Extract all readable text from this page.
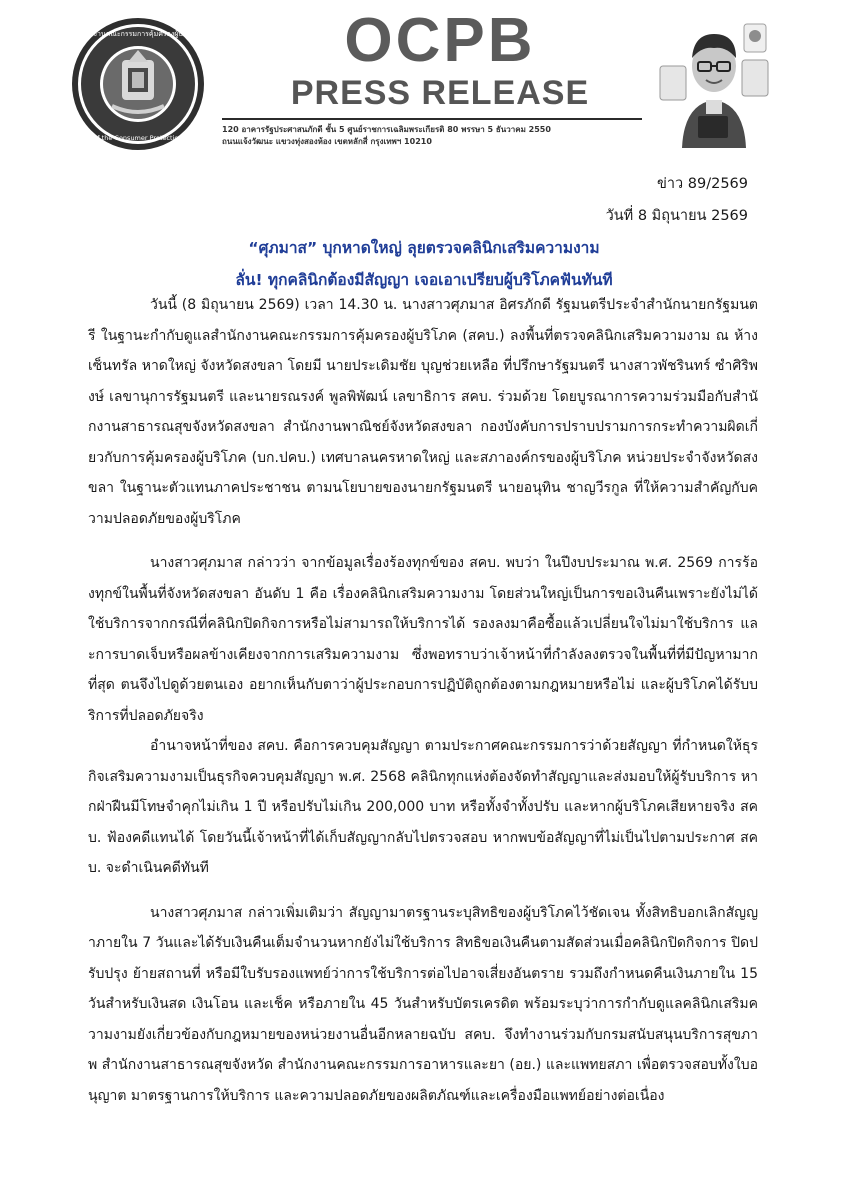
สำนักงานคณะกรรมการคุ้มครองผู้บริโภค
Office of the Consumer Protection Board
OCPB
PRESS RELEASE
120 อาคารรัฐประศาสนภักดี ชั้น 5 ศูนย์ราชการเฉลิมพระเกียรติ 80 พรรษา 5 ธันวาคม 2550
ถนนแจ้งวัฒนะ แขวงทุ่งสองห้อง เขตหลักสี่ กรุงเทพฯ 10210
ข่าว 89/2569
วันที่ 8 มิถุนายน 2569
“ศุภมาส” บุกหาดใหญ่ ลุยตรวจคลินิกเสริมความงาม
ลั่น! ทุกคลินิกต้องมีสัญญา เจอเอาเปรียบผู้บริโภคฟันทันที

วันนี้ (8 มิถุนายน 2569) เวลา 14.30 น. นางสาวศุภมาส อิศรภักดี รัฐมนตรีประจำสำนักนายกรัฐมนตรี ในฐานะกำกับดูแลสำนักงานคณะกรรมการคุ้มครองผู้บริโภค (สคบ.) ลงพื้นที่ตรวจคลินิกเสริมความงาม ณ ห้างเซ็นทรัล หาดใหญ่ จังหวัดสงขลา โดยมี นายประเดิมชัย บุญช่วยเหลือ ที่ปรึกษารัฐมนตรี นางสาวพัชรินทร์ ซำศิริพงษ์ เลขานุการรัฐมนตรี และนายรณรงค์ พูลพิพัฒน์ เลขาธิการ สคบ. ร่วมด้วย โดยบูรณาการความร่วมมือกับสำนักงานสาธารณสุขจังหวัดสงขลา สำนักงานพาณิชย์จังหวัดสงขลา กองบังคับการปราบปรามการกระทำความผิดเกี่ยวกับการคุ้มครองผู้บริโภค (บก.ปคบ.) เทศบาลนครหาดใหญ่ และสภาองค์กรของผู้บริโภค หน่วยประจำจังหวัดสงขลา ในฐานะตัวแทนภาคประชาชน ตามนโยบายของนายกรัฐมนตรี นายอนุทิน ชาญวีรกูล ที่ให้ความสำคัญกับความปลอดภัยของผู้บริโภค

นางสาวศุภมาส กล่าวว่า จากข้อมูลเรื่องร้องทุกข์ของ สคบ. พบว่า ในปีงบประมาณ พ.ศ. 2569 การร้องทุกข์ในพื้นที่จังหวัดสงขลา อันดับ 1 คือ เรื่องคลินิกเสริมความงาม โดยส่วนใหญ่เป็นการขอเงินคืนเพราะยังไม่ได้ใช้บริการจากกรณีที่คลินิกปิดกิจการหรือไม่สามารถให้บริการได้ รองลงมาคือซื้อแล้วเปลี่ยนใจไม่มาใช้บริการ และการบาดเจ็บหรือผลข้างเคียงจากการเสริมความงาม ซึ่งพอทราบว่าเจ้าหน้าที่กำลังลงตรวจในพื้นที่ที่มีปัญหามากที่สุด ตนจึงไปดูด้วยตนเอง อยากเห็นกับตาว่าผู้ประกอบการปฏิบัติถูกต้องตามกฎหมายหรือไม่ และผู้บริโภคได้รับบริการที่ปลอดภัยจริง

อำนาจหน้าที่ของ สคบ. คือการควบคุมสัญญา ตามประกาศคณะกรรมการว่าด้วยสัญญา ที่กำหนดให้ธุรกิจเสริมความงามเป็นธุรกิจควบคุมสัญญา พ.ศ. 2568 คลินิกทุกแห่งต้องจัดทำสัญญาและส่งมอบให้ผู้รับบริการ หากฝ่าฝืนมีโทษจำคุกไม่เกิน 1 ปี หรือปรับไม่เกิน 200,000 บาท หรือทั้งจำทั้งปรับ และหากผู้บริโภคเสียหายจริง สคบ. ฟ้องคดีแทนได้ โดยวันนี้เจ้าหน้าที่ได้เก็บสัญญากลับไปตรวจสอบ หากพบข้อสัญญาที่ไม่เป็นไปตามประกาศ สคบ. จะดำเนินคดีทันที

นางสาวศุภมาส กล่าวเพิ่มเติมว่า สัญญามาตรฐานระบุสิทธิของผู้บริโภคไว้ชัดเจน ทั้งสิทธิบอกเลิกสัญญาภายใน 7 วันและได้รับเงินคืนเต็มจำนวนหากยังไม่ใช้บริการ สิทธิขอเงินคืนตามสัดส่วนเมื่อคลินิกปิดกิจการ ปิดปรับปรุง ย้ายสถานที่ หรือมีใบรับรองแพทย์ว่าการใช้บริการต่อไปอาจเสี่ยงอันตราย รวมถึงกำหนดคืนเงินภายใน 15 วันสำหรับเงินสด เงินโอน และเช็ค หรือภายใน 45 วันสำหรับบัตรเครดิต พร้อมระบุว่าการกำกับดูแลคลินิกเสริมความงามยังเกี่ยวข้องกับกฎหมายของหน่วยงานอื่นอีกหลายฉบับ สคบ. จึงทำงานร่วมกับกรมสนับสนุนบริการสุขภาพ สำนักงานสาธารณสุขจังหวัด สำนักงานคณะกรรมการอาหารและยา (อย.) และแพทยสภา เพื่อตรวจสอบทั้งใบอนุญาต มาตรฐานการให้บริการ และความปลอดภัยของผลิตภัณฑ์และเครื่องมือแพทย์อย่างต่อเนื่อง
